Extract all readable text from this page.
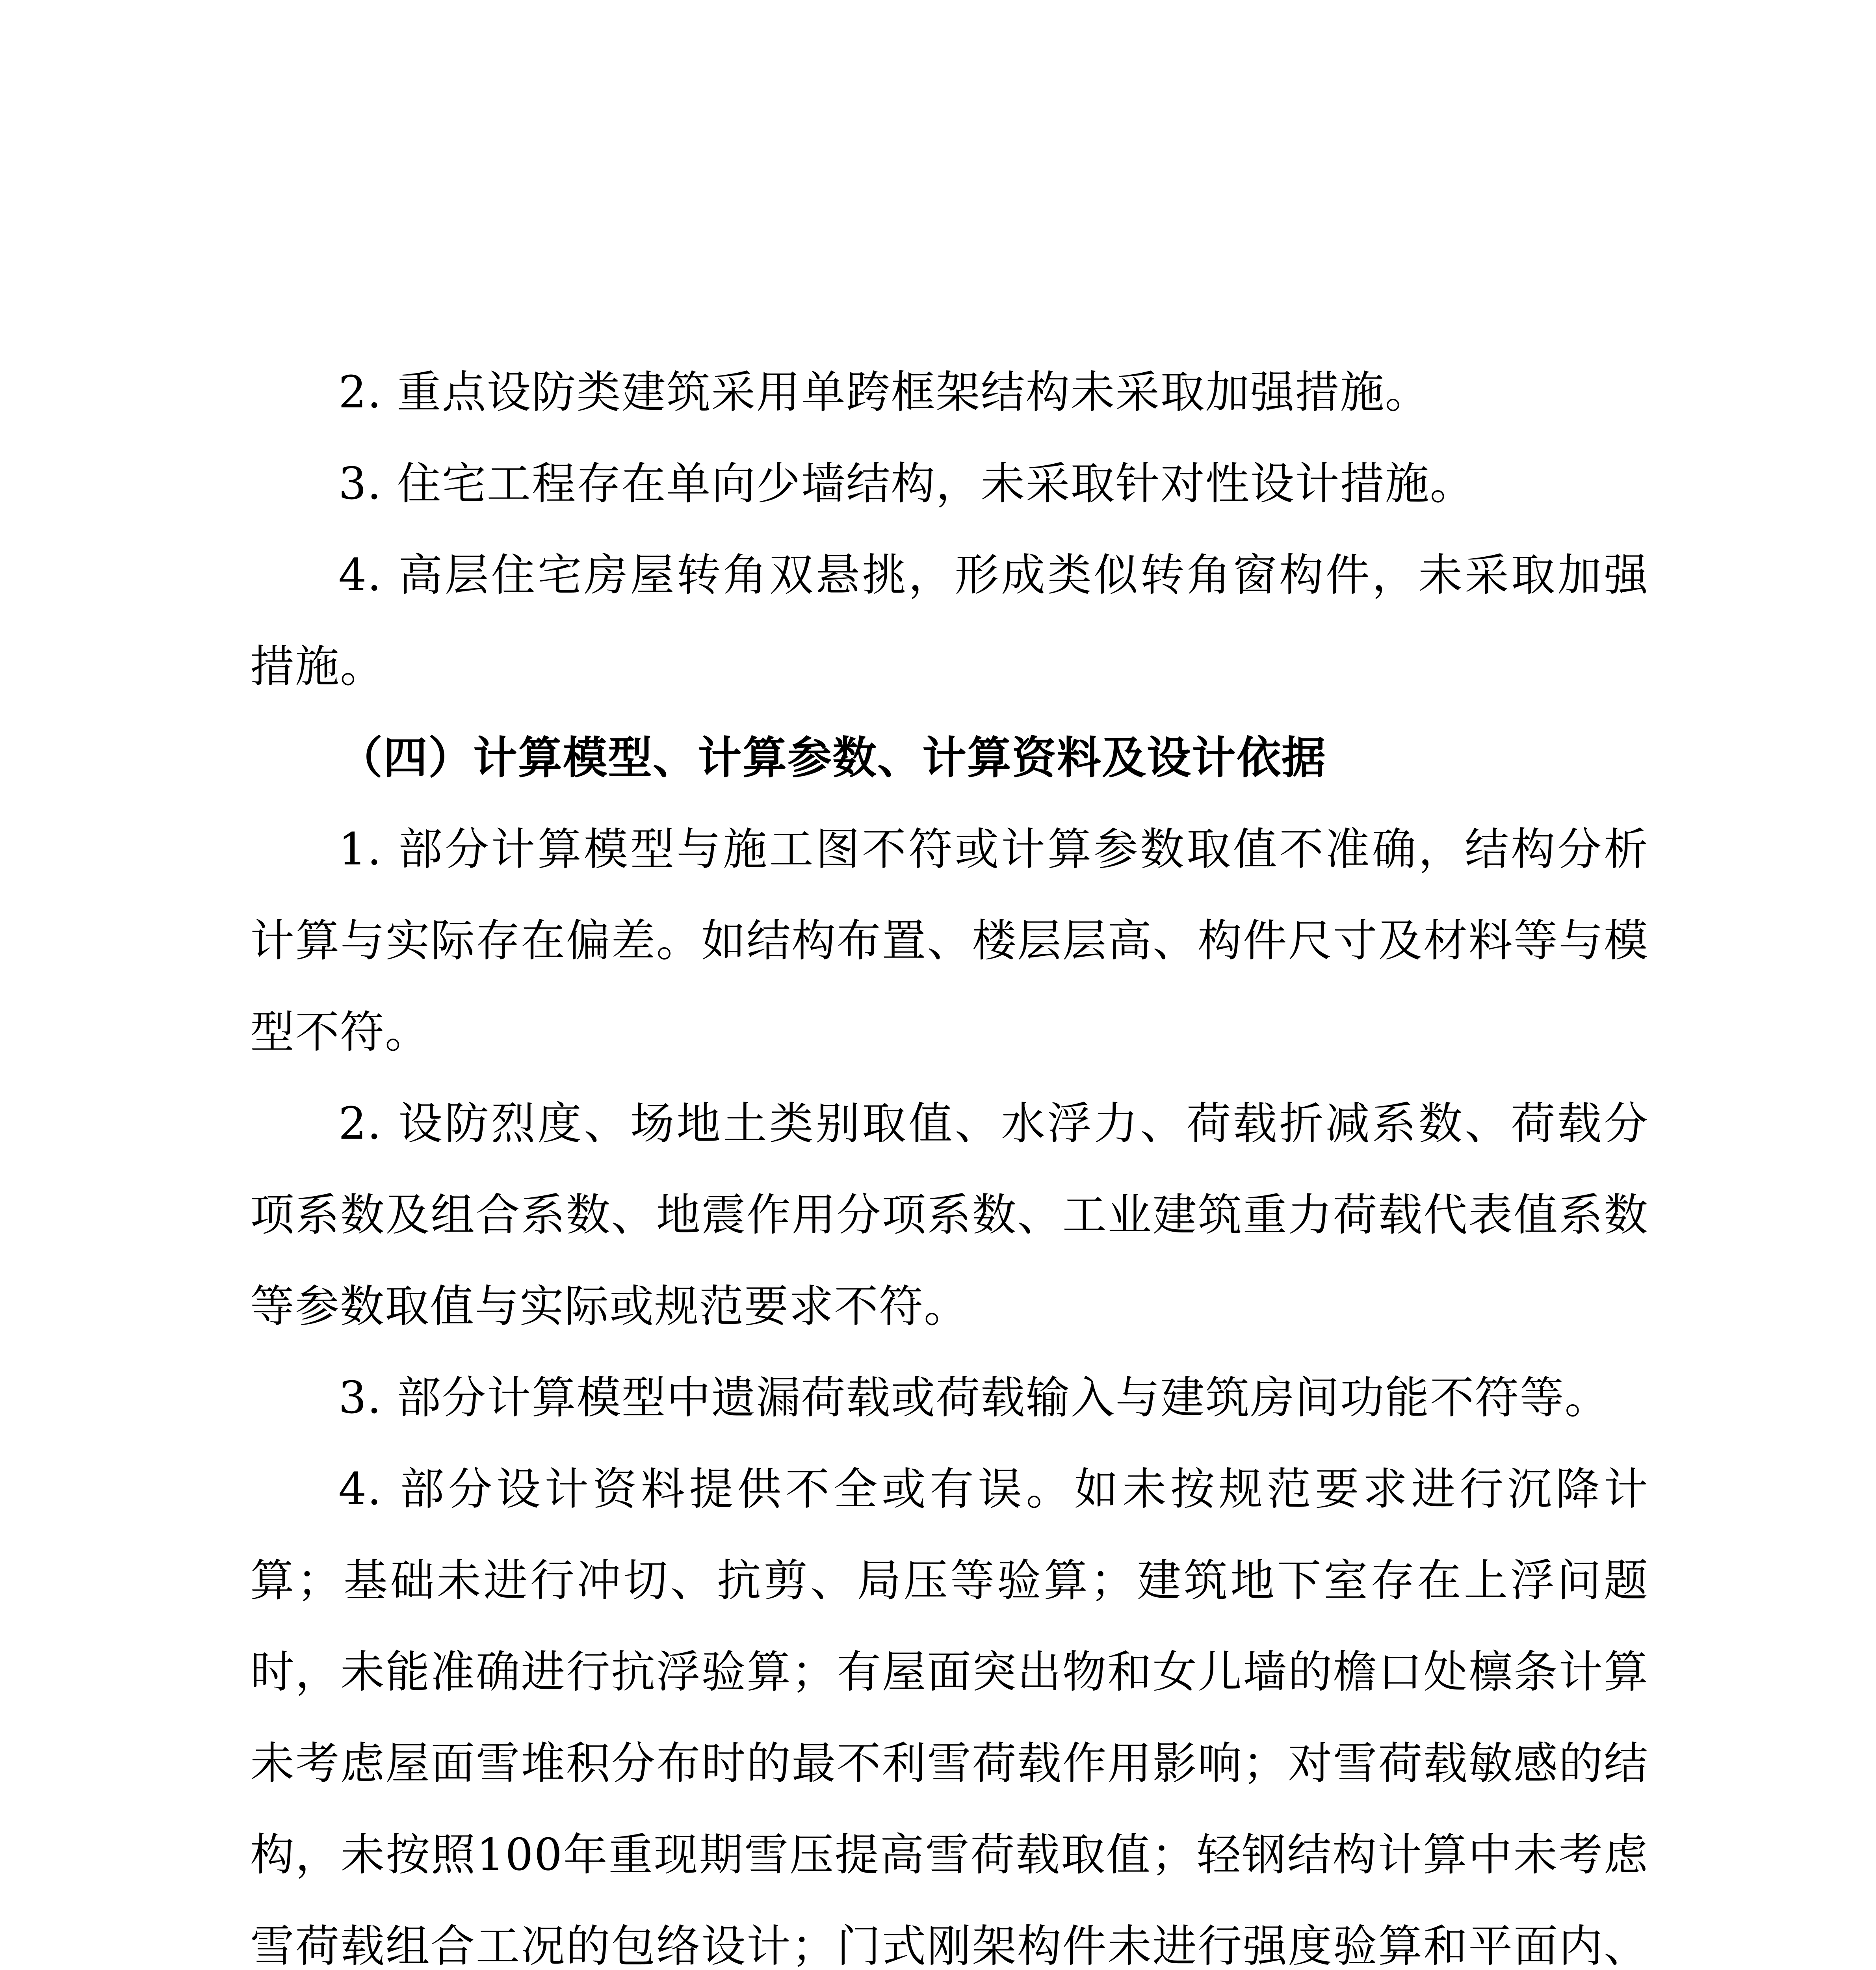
2. 重点设防类建筑采用单跨框架结构未采取加强措施。

3. 住宅工程存在单向少墙结构，未采取针对性设计措施。

4. 高层住宅房屋转角双悬挑，形成类似转角窗构件，未采取加强措施。

（四）计算模型、计算参数、计算资料及设计依据

1. 部分计算模型与施工图不符或计算参数取值不准确，结构分析计算与实际存在偏差。如结构布置、楼层层高、构件尺寸及材料等与模型不符。

2. 设防烈度、场地土类别取值、水浮力、荷载折减系数、荷载分项系数及组合系数、地震作用分项系数、工业建筑重力荷载代表值系数等参数取值与实际或规范要求不符。

3. 部分计算模型中遗漏荷载或荷载输入与建筑房间功能不符等。

4. 部分设计资料提供不全或有误。如未按规范要求进行沉降计算；基础未进行冲切、抗剪、局压等验算；建筑地下室存在上浮问题时，未能准确进行抗浮验算；有屋面突出物和女儿墙的檐口处檩条计算未考虑屋面雪堆积分布时的最不利雪荷载作用影响；对雪荷载敏感的结构，未按照100年重现期雪压提高雪荷载取值；轻钢结构计算中未考虑雪荷载组合工况的包络设计；门式刚架构件未进行强度验算和平面内、
